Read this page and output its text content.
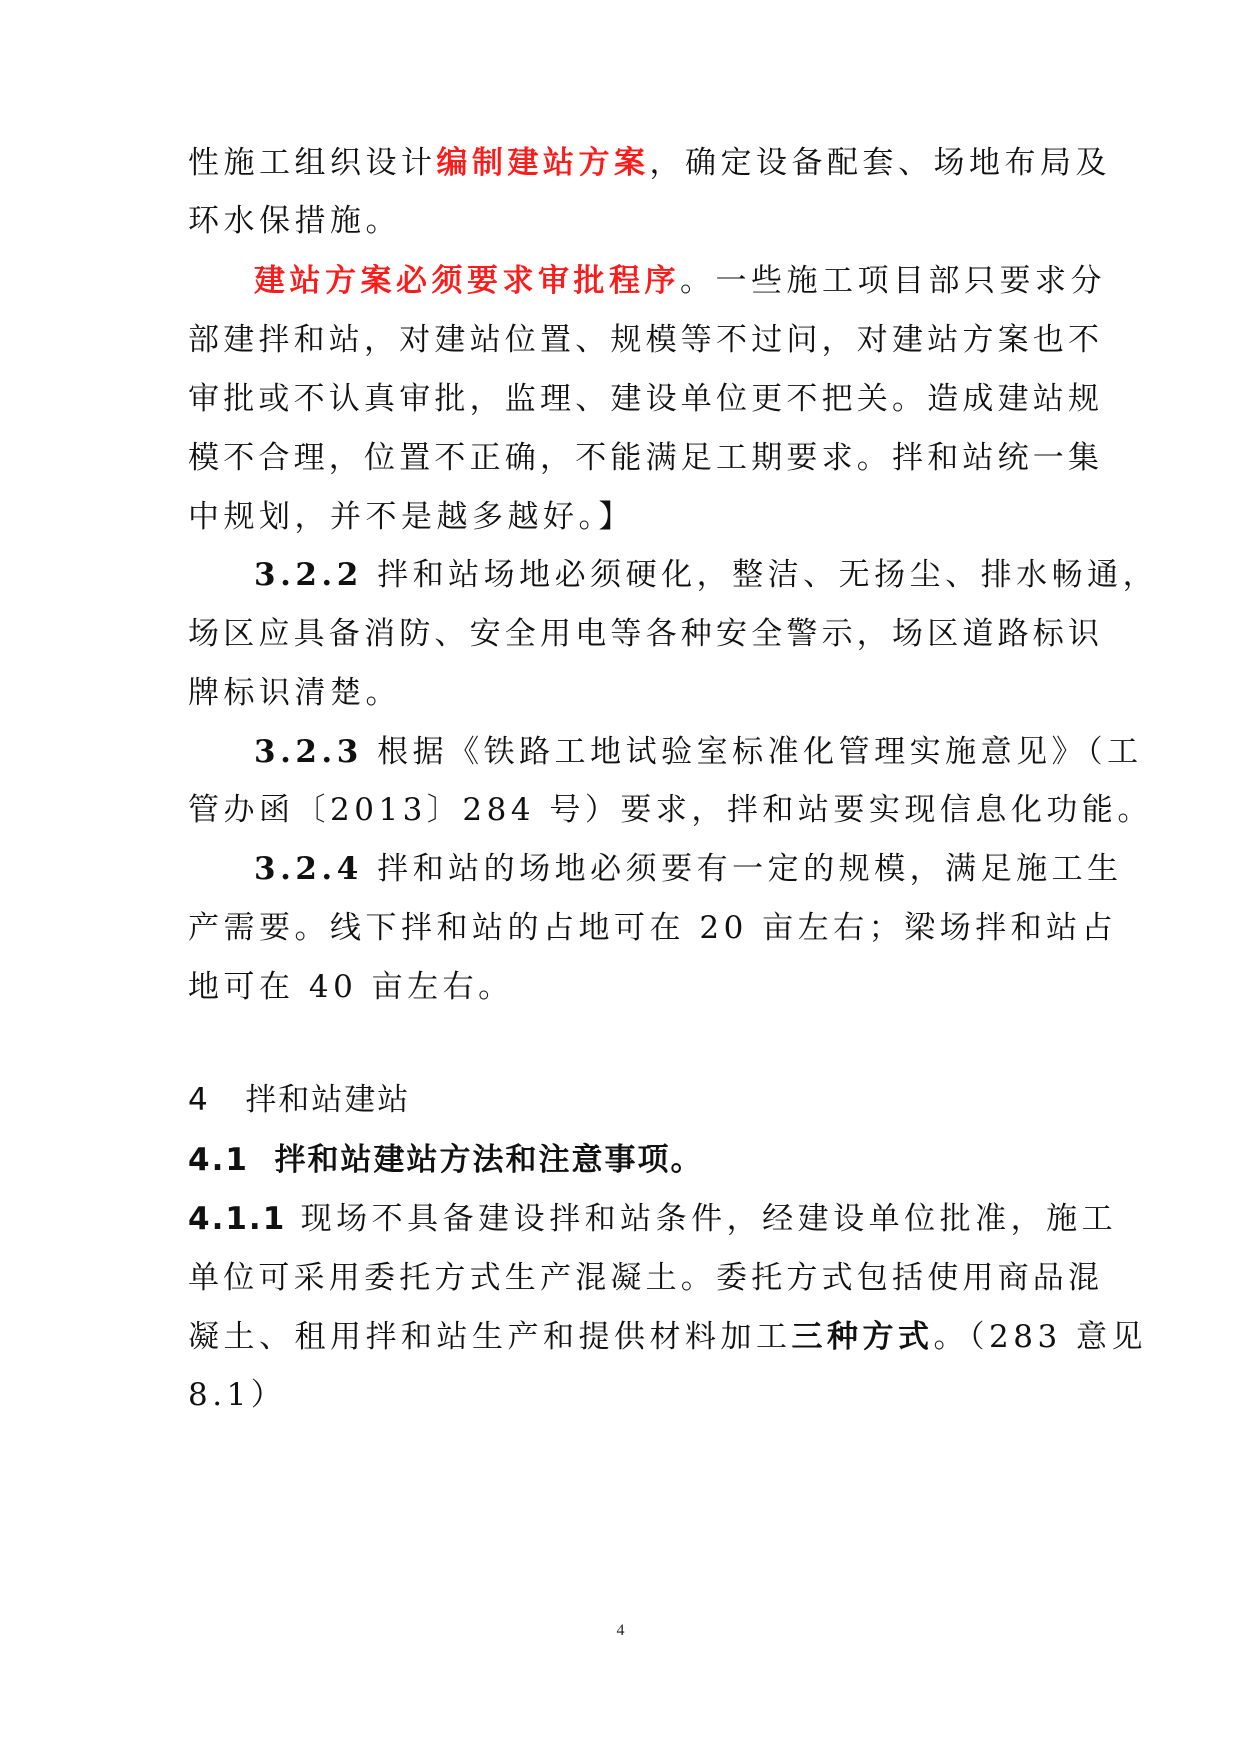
性施工组织设计编制建站方案，确定设备配套、场地布局及

环水保措施。

建站方案必须要求审批程序。一些施工项目部只要求分

部建拌和站，对建站位置、规模等不过问，对建站方案也不

审批或不认真审批，监理、建设单位更不把关。造成建站规

模不合理，位置不正确，不能满足工期要求。拌和站统一集

中规划，并不是越多越好。】

3.2.2 拌和站场地必须硬化，整洁、无扬尘、排水畅通，

场区应具备消防、安全用电等各种安全警示，场区道路标识

牌标识清楚。

3.2.3 根据《铁路工地试验室标准化管理实施意见》（工

管办函〔2013〕284 号）要求，拌和站要实现信息化功能。

3.2.4 拌和站的场地必须要有一定的规模，满足施工生

产需要。线下拌和站的占地可在 20 亩左右；梁场拌和站占

地可在 40 亩左右。

4   拌和站建站

4.1  拌和站建站方法和注意事项。

4.1.1 现场不具备建设拌和站条件，经建设单位批准，施工

单位可采用委托方式生产混凝土。委托方式包括使用商品混

凝土、租用拌和站生产和提供材料加工三种方式。（283 意见

8.1）

4
